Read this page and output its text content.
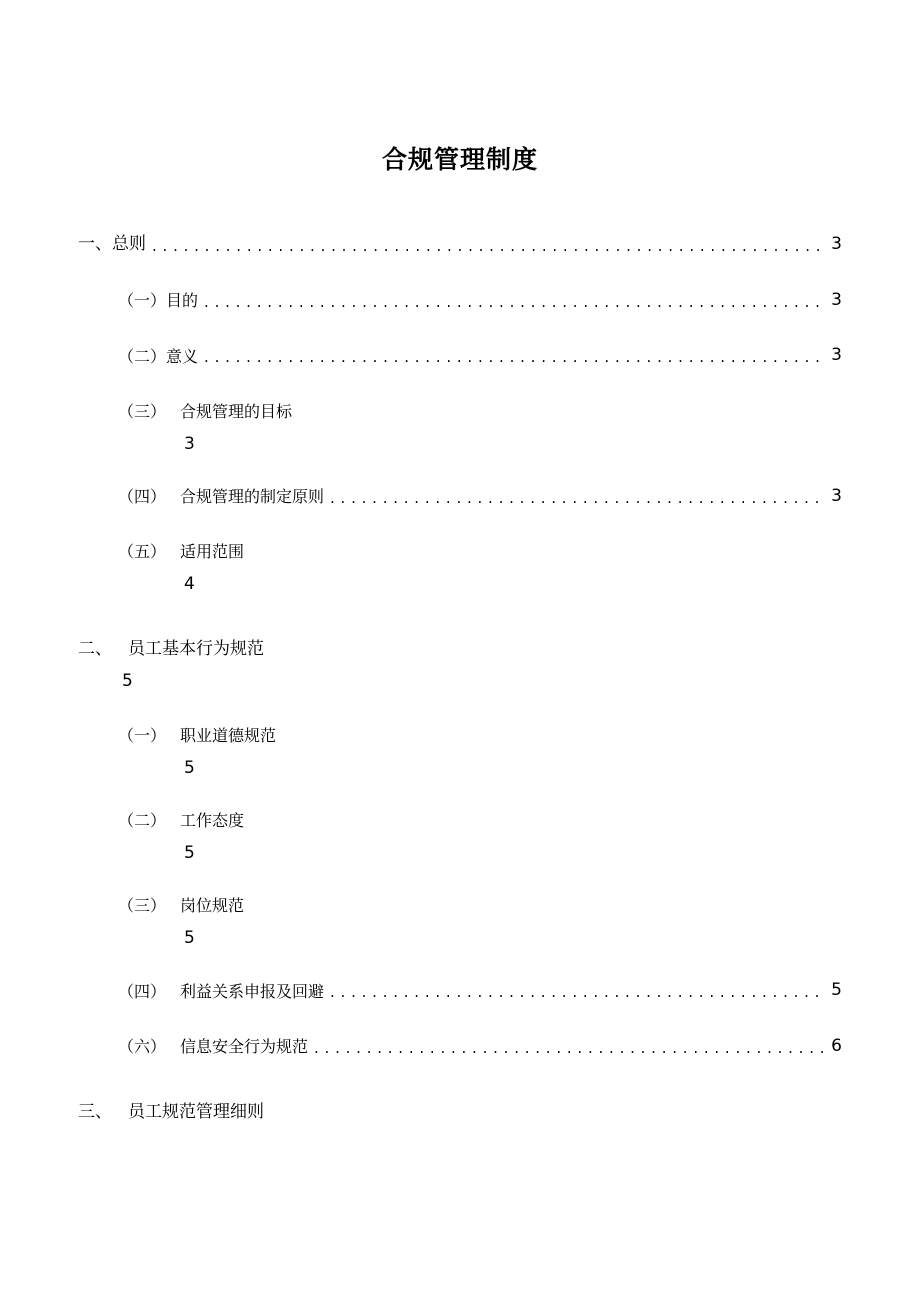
合规管理制度
一、 总则 . . .	3
（一） 目的 . . .	3
（二） 意义 . . .	3
（三） 合规管理的目标
3
（四） 合规管理的制定原则 . . .	3
（五） 适用范围
4
二、 员工基本行为规范
5
（一） 职业道德规范
5
（二） 工作态度
5
（三） 岗位规范
5
（四） 利益关系申报及回避 . . .	5
（六） 信息安全行为规范 . . .	6
三、 员工规范管理细则
